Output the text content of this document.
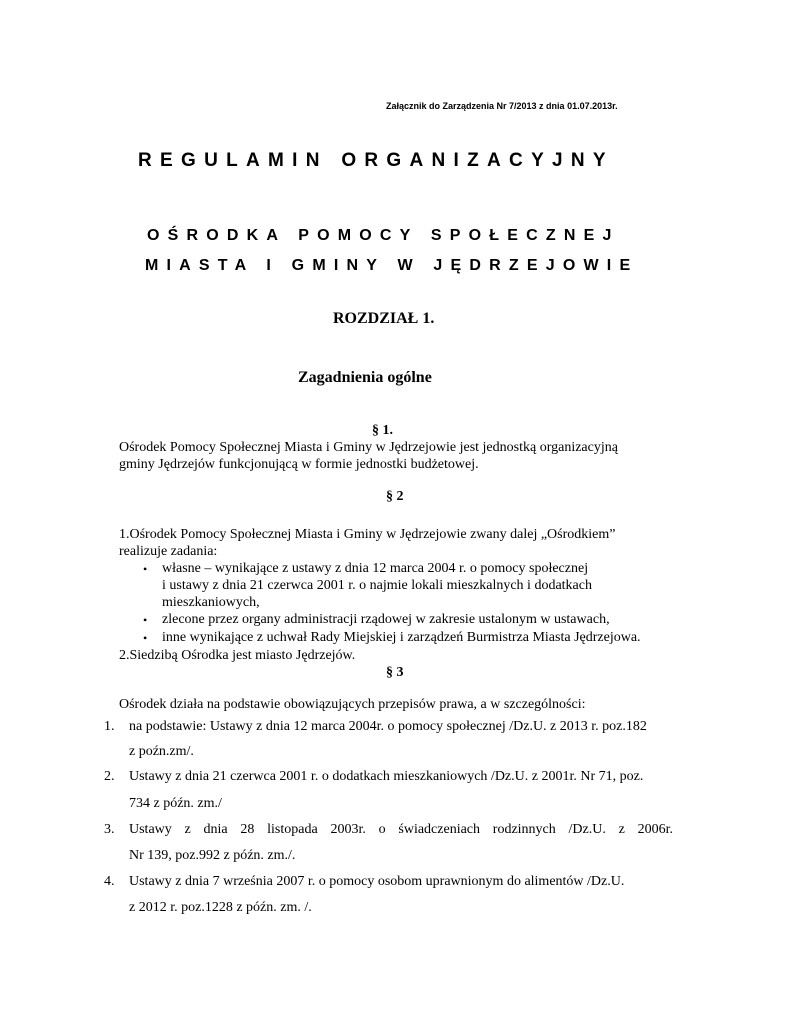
Załącznik do Zarządzenia Nr 7/2013 z dnia 01.07.2013r.
REGULAMIN ORGANIZACYJNY
OŚRODKA POMOCY SPOŁECZNEJ
MIASTA I GMINY W JĘDRZEJOWIE
ROZDZIAŁ 1.
Zagadnienia ogólne
§ 1.
Ośrodek Pomocy Społecznej Miasta i Gminy w Jędrzejowie jest jednostką organizacyjną
gminy Jędrzejów funkcjonującą w formie jednostki budżetowej.
§ 2
1.Ośrodek Pomocy Społecznej Miasta i Gminy w Jędrzejowie zwany dalej „Ośrodkiem”
realizuje zadania:
• własne – wynikające z ustawy z dnia 12 marca 2004 r. o pomocy społecznej
i ustawy z dnia 21 czerwca 2001 r. o najmie lokali mieszkalnych i dodatkach
mieszkaniowych,
• zlecone przez organy administracji rządowej w zakresie ustalonym w ustawach,
• inne wynikające z uchwał Rady Miejskiej i zarządzeń Burmistrza Miasta Jędrzejowa.
2.Siedzibą Ośrodka jest miasto Jędrzejów.
§ 3
Ośrodek działa na podstawie obowiązujących przepisów prawa, a w szczególności:
1. na podstawie: Ustawy z dnia 12 marca 2004r. o pomocy społecznej /Dz.U. z 2013 r. poz.182
z poźn.zm/.
2. Ustawy z dnia 21 czerwca 2001 r. o dodatkach mieszkaniowych /Dz.U. z 2001r. Nr 71, poz.
734 z późn. zm./
3. Ustawy z dnia 28 listopada 2003r. o świadczeniach rodzinnych /Dz.U. z 2006r.
Nr 139, poz.992 z późn. zm./.
4. Ustawy z dnia 7 września 2007 r. o pomocy osobom uprawnionym do alimentów /Dz.U.
z 2012 r. poz.1228 z późn. zm. /.
